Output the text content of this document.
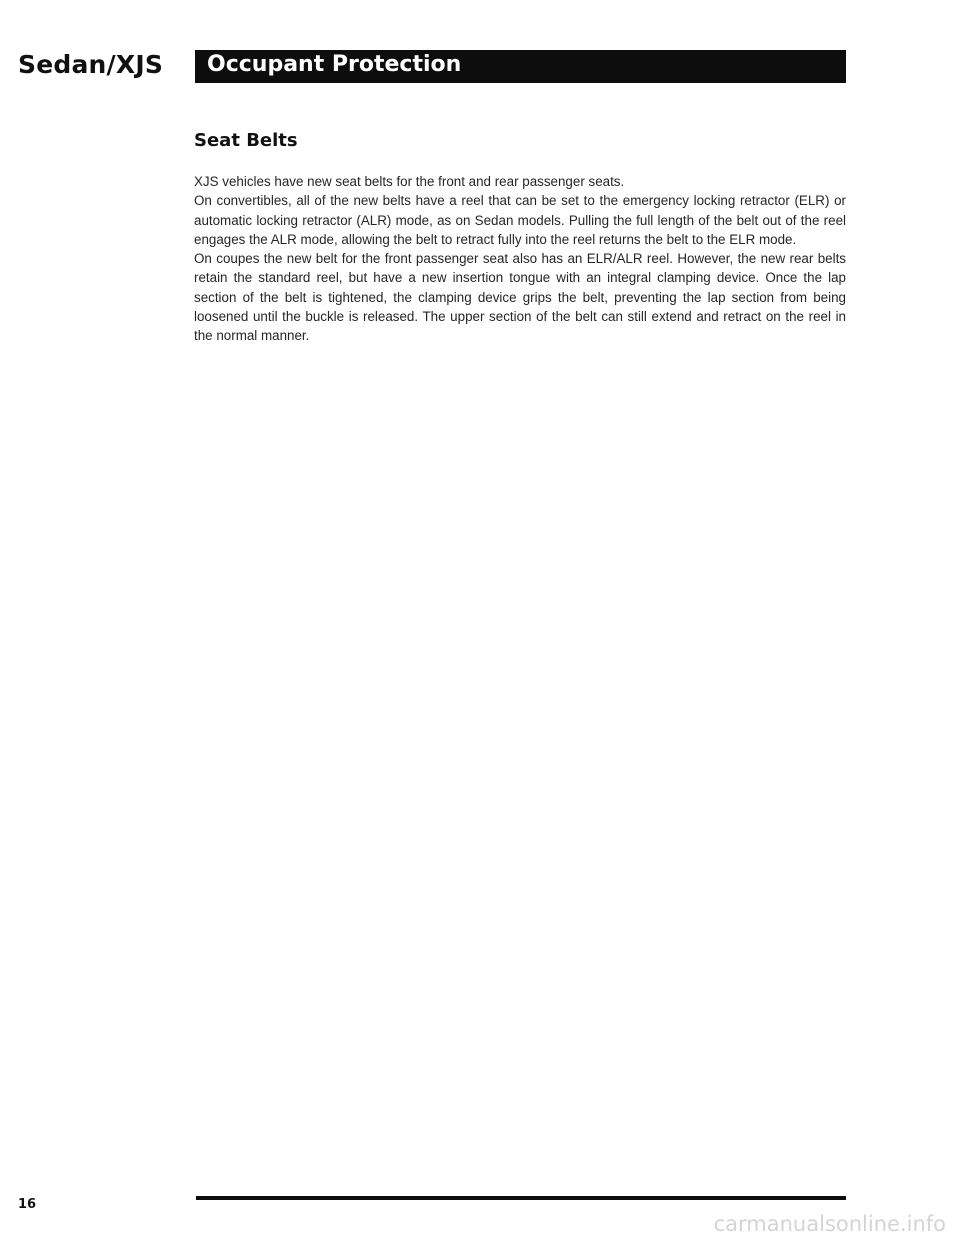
Sedan/XJS Occupant Protection
Seat Belts

XJS vehicles have new seat belts for the front and rear passenger seats.

On convertibles, all of the new belts have a reel that can be set to the emergency locking retractor (ELR) or automatic locking retractor (ALR) mode, as on Sedan models. Pulling the full length of the belt out of the reel engages the ALR mode, allowing the belt to retract fully into the reel returns the belt to the ELR mode.

On coupes the new belt for the front passenger seat also has an ELR/ALR reel. However, the new rear belts retain the standard reel, but have a new insertion tongue with an integral clamping device. Once the lap section of the belt is tightened, the clamping device grips the belt, preventing the lap section from being loosened until the buckle is released. The upper section of the belt can still extend and retract on the reel in the normal manner.

16
carmanualsonline.info
